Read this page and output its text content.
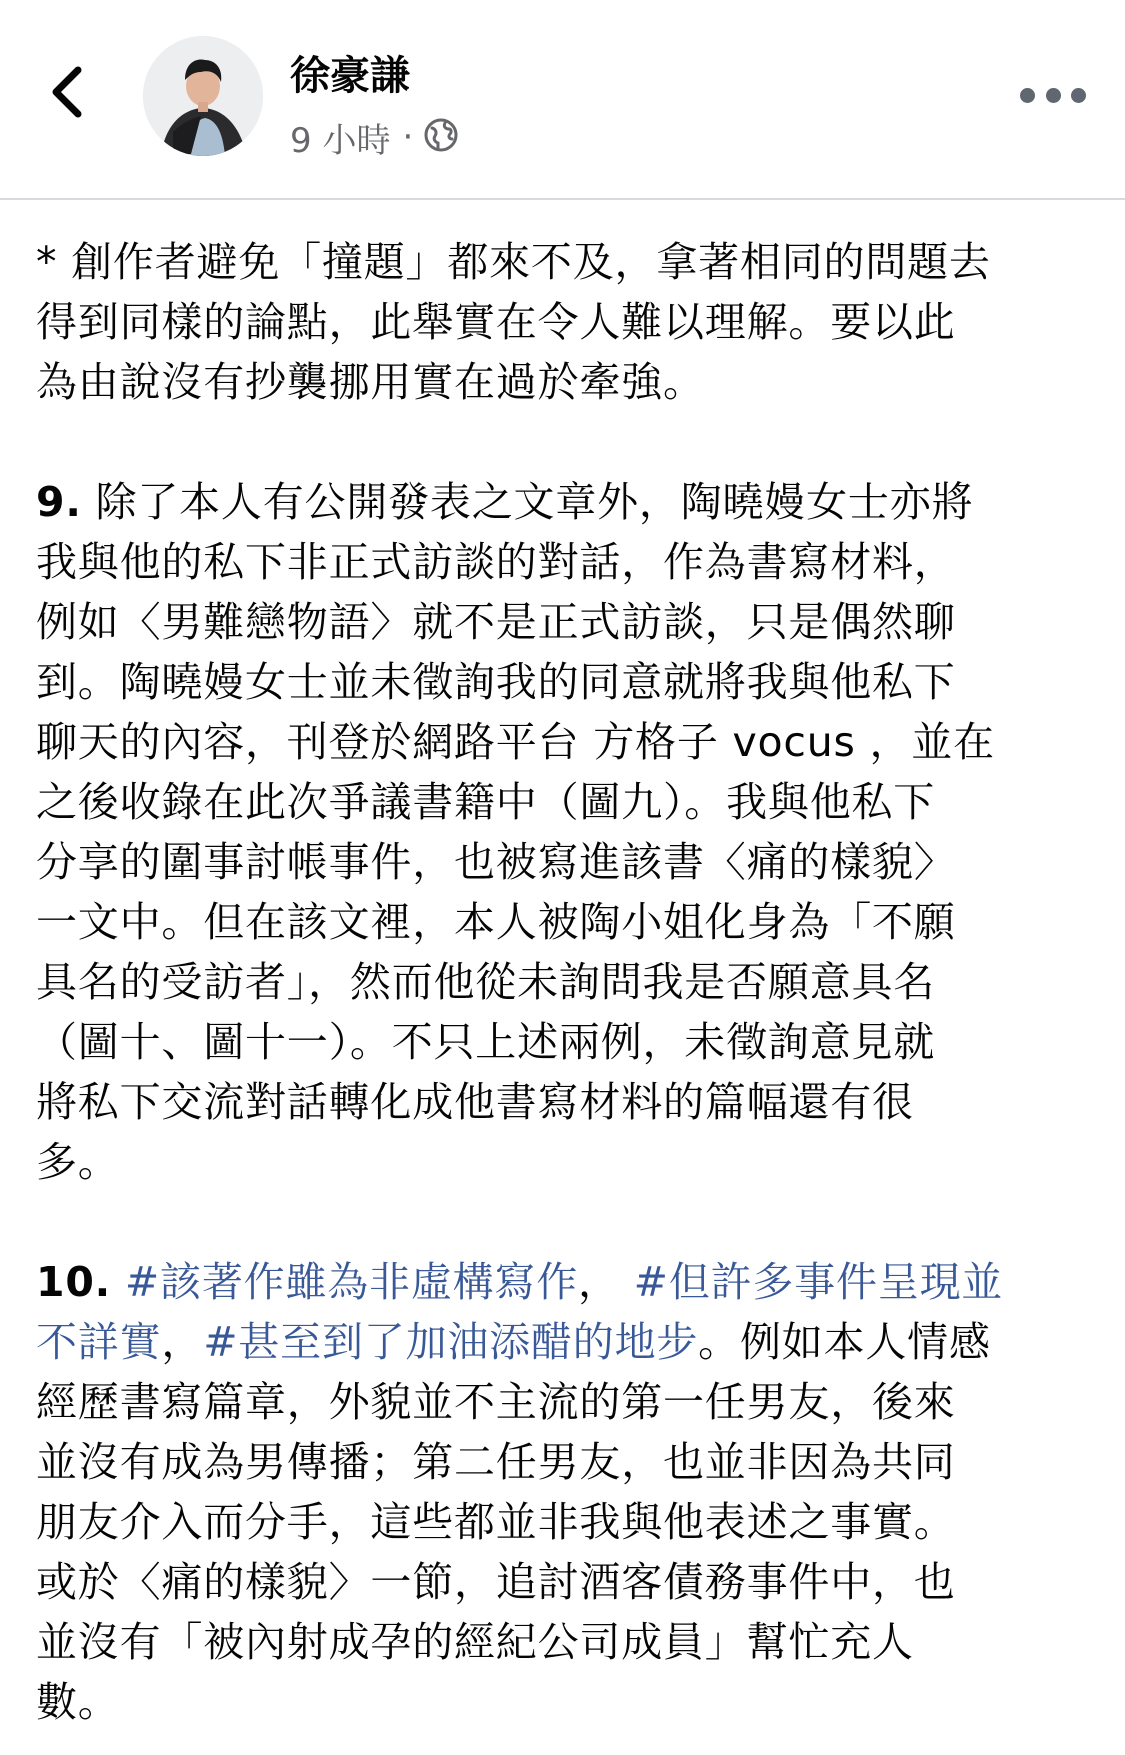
徐豪謙
9 小時 ·

* 創作者避免「撞題」都來不及，拿著相同的問題去
得到同樣的論點，此舉實在令人難以理解。要以此
為由說沒有抄襲挪用實在過於牽強。

9. 除了本人有公開發表之文章外，陶曉嫚女士亦將
我與他的私下非正式訪談的對話，作為書寫材料，
例如〈男難戀物語〉就不是正式訪談，只是偶然聊
到。陶曉嫚女士並未徵詢我的同意就將我與他私下
聊天的內容，刊登於網路平台 方格子 vocus ，並在
之後收錄在此次爭議書籍中（圖九）。我與他私下
分享的圍事討帳事件，也被寫進該書〈痛的樣貌〉
一文中。但在該文裡，本人被陶小姐化身為「不願
具名的受訪者」，然而他從未詢問我是否願意具名
（圖十、圖十一）。不只上述兩例，未徵詢意見就
將私下交流對話轉化成他書寫材料的篇幅還有很
多。

10. #該著作雖為非虛構寫作， #但許多事件呈現並
不詳實，#甚至到了加油添醋的地步。例如本人情感
經歷書寫篇章，外貌並不主流的第一任男友，後來
並沒有成為男傳播；第二任男友，也並非因為共同
朋友介入而分手，這些都並非我與他表述之事實。
或於〈痛的樣貌〉一節，追討酒客債務事件中，也
並沒有「被內射成孕的經紀公司成員」幫忙充人
數。
